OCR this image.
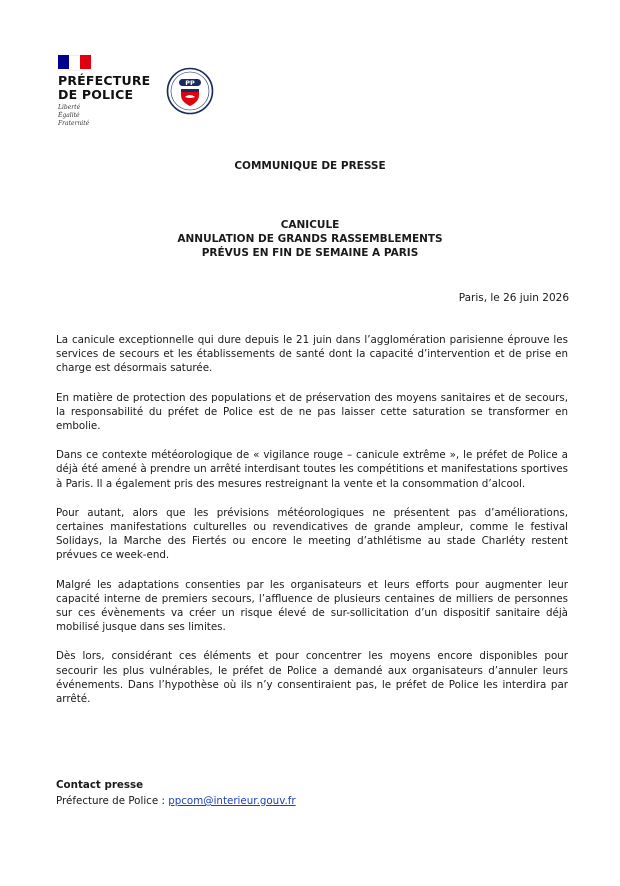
PRÉFECTURE
DE POLICE
Liberté
Égalité
Fraternité
PP
COMMUNIQUE DE PRESSE
CANICULE
ANNULATION DE GRANDS RASSEMBLEMENTS
PRÉVUS EN FIN DE SEMAINE A PARIS
Paris, le 26 juin 2026

La canicule exceptionnelle qui dure depuis le 21 juin dans l’agglomération parisienne éprouve les services de secours et les établissements de santé dont la capacité d’intervention et de prise en charge est désormais saturée.

En matière de protection des populations et de préservation des moyens sanitaires et de secours, la responsabilité du préfet de Police est de ne pas laisser cette saturation se transformer en embolie.

Dans ce contexte météorologique de « vigilance rouge – canicule extrême », le préfet de Police a déjà été amené à prendre un arrêté interdisant toutes les compétitions et manifestations sportives à Paris. Il a également pris des mesures restreignant la vente et la consommation d’alcool.

Pour autant, alors que les prévisions météorologiques ne présentent pas d’améliorations, certaines manifestations culturelles ou revendicatives de grande ampleur, comme le festival Solidays, la Marche des Fiertés ou encore le meeting d’athlétisme au stade Charléty restent prévues ce week-end.

Malgré les adaptations consenties par les organisateurs et leurs efforts pour augmenter leur capacité interne de premiers secours, l’affluence de plusieurs centaines de milliers de personnes sur ces évènements va créer un risque élevé de sur-sollicitation d’un dispositif sanitaire déjà mobilisé jusque dans ses limites.

Dès lors, considérant ces éléments et pour concentrer les moyens encore disponibles pour secourir les plus vulnérables, le préfet de Police a demandé aux organisateurs d’annuler leurs événements. Dans l’hypothèse où ils n’y consentiraient pas, le préfet de Police les interdira par arrêté.

Contact presse
Préfecture de Police : ppcom@interieur.gouv.fr
